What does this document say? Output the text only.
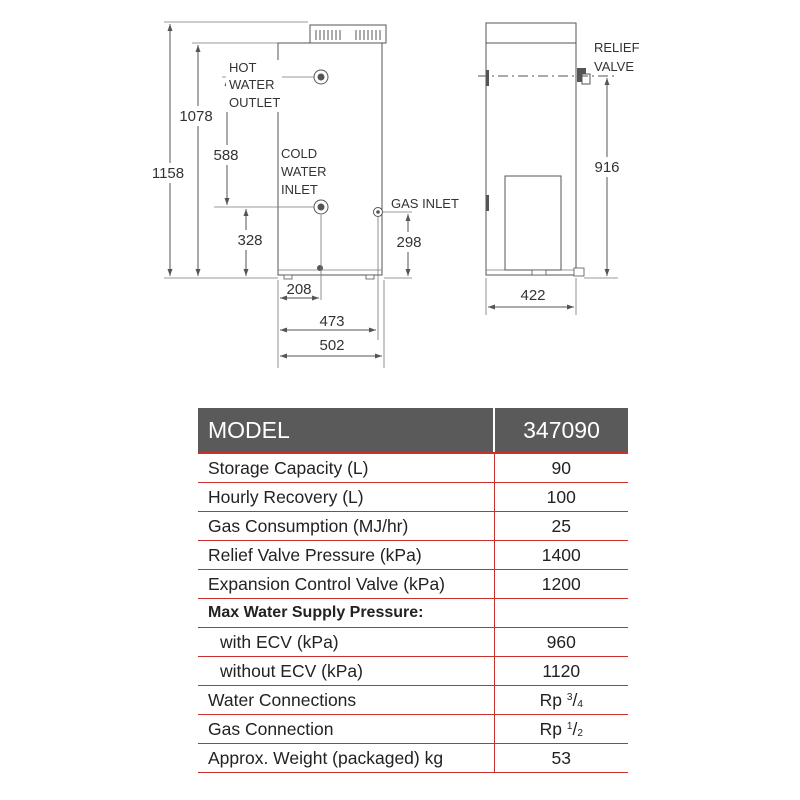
1158
1078
588
328	298
208
473
502
HOT
WATER
OUTLET
COLD
WATER
INLET
GAS INLET
916
422
RELIEF
VALVE
MODEL	347090
Storage Capacity (L)	90
Hourly Recovery (L)	100
Gas Consumption (MJ/hr)	25
Relief Valve Pressure (kPa)	1400
Expansion Control Valve (kPa)	1200
Max Water Supply Pressure:	
with ECV (kPa)	960
without ECV (kPa)	1120
Water Connections	Rp $^3/_4$
Gas Connection	Rp $^1/_2$
Approx. Weight (packaged) kg	53
